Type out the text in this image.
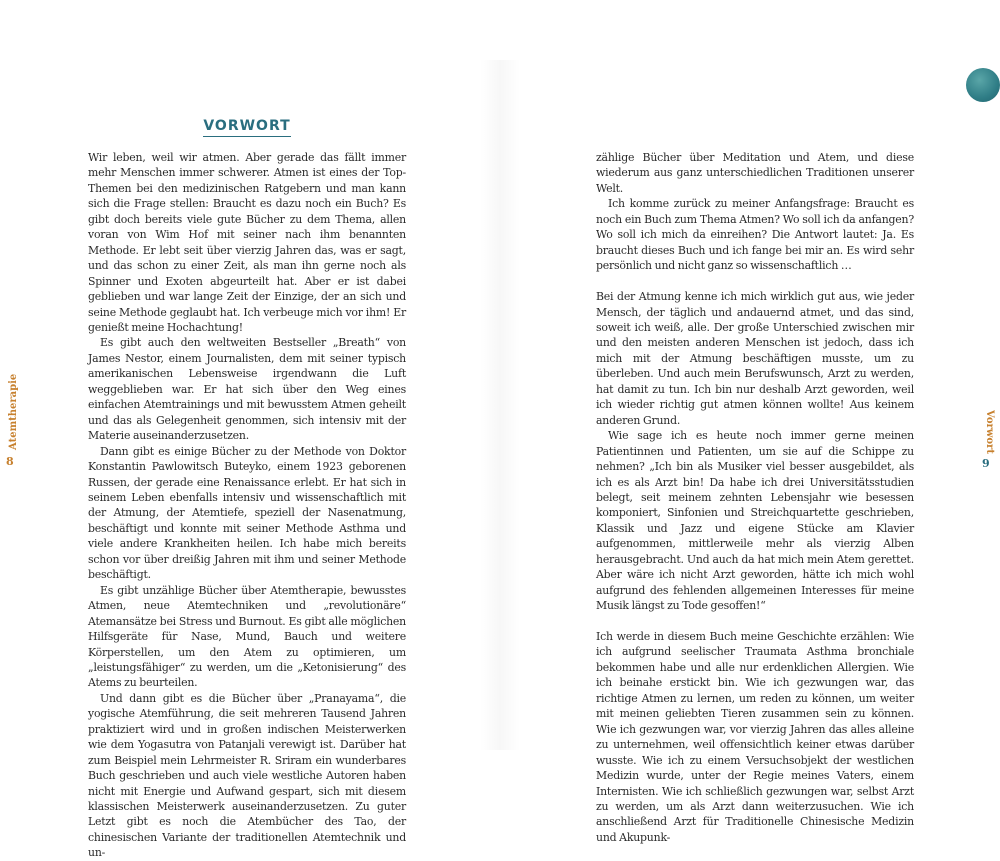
VORWORT

Wir leben, weil wir atmen. Aber gerade das fällt immer mehr Menschen immer schwerer. Atmen ist eines der Top-Themen bei den medizinischen Ratgebern und man kann sich die Frage stellen: Braucht es dazu noch ein Buch? Es gibt doch bereits viele gute Bücher zu dem Thema, allen voran von Wim Hof mit seiner nach ihm benannten Methode. Er lebt seit über vierzig Jahren das, was er sagt, und das schon zu einer Zeit, als man ihn gerne noch als Spinner und Exoten abgeurteilt hat. Aber er ist dabei geblieben und war lange Zeit der Einzige, der an sich und seine Methode geglaubt hat. Ich verbeuge mich vor ihm! Er genießt meine Hochachtung!

Es gibt auch den weltweiten Bestseller „Breath“ von James Nestor, einem Journalisten, dem mit seiner typisch amerikanischen Lebensweise irgendwann die Luft weggeblieben war. Er hat sich über den Weg eines einfachen Atemtrainings und mit bewusstem Atmen geheilt und das als Gelegenheit genommen, sich intensiv mit der Materie auseinanderzusetzen.

Dann gibt es einige Bücher zu der Methode von Doktor Konstantin Pawlowitsch Buteyko, einem 1923 geborenen Russen, der gerade eine Renaissance erlebt. Er hat sich in seinem Leben ebenfalls intensiv und wissenschaftlich mit der Atmung, der Atemtiefe, speziell der Nasenatmung, beschäftigt und konnte mit seiner Methode Asthma und viele andere Krankheiten heilen. Ich habe mich bereits schon vor über dreißig Jahren mit ihm und seiner Methode beschäftigt.

Es gibt unzählige Bücher über Atemtherapie, bewusstes Atmen, neue Atemtechniken und „revolutionäre“ Atemansätze bei Stress und Burnout. Es gibt alle möglichen Hilfsgeräte für Nase, Mund, Bauch und weitere Körperstellen, um den Atem zu optimieren, um „leistungsfähiger“ zu werden, um die „Ketonisierung“ des Atems zu beurteilen.

Und dann gibt es die Bücher über „Pranayama“, die yogische Atemführung, die seit mehreren Tausend Jahren praktiziert wird und in großen indischen Meisterwerken wie dem Yogasutra von Patanjali verewigt ist. Darüber hat zum Beispiel mein Lehrmeister R. Sriram ein wunderbares Buch geschrieben und auch viele westliche Autoren haben nicht mit Energie und Aufwand gespart, sich mit diesem klassischen Meisterwerk auseinanderzusetzen. Zu guter Letzt gibt es noch die Atembücher des Tao, der chinesischen Variante der traditionellen Atemtechnik und un-

zählige Bücher über Meditation und Atem, und diese wiederum aus ganz unterschiedlichen Traditionen unserer Welt.

Ich komme zurück zu meiner Anfangsfrage: Braucht es noch ein Buch zum Thema Atmen? Wo soll ich da anfangen? Wo soll ich mich da einreihen? Die Antwort lautet: Ja. Es braucht dieses Buch und ich fange bei mir an. Es wird sehr persönlich und nicht ganz so wissenschaftlich …

Bei der Atmung kenne ich mich wirklich gut aus, wie jeder Mensch, der täglich und andauernd atmet, und das sind, soweit ich weiß, alle. Der große Unterschied zwischen mir und den meisten anderen Menschen ist jedoch, dass ich mich mit der Atmung beschäftigen musste, um zu überleben. Und auch mein Berufswunsch, Arzt zu werden, hat damit zu tun. Ich bin nur deshalb Arzt geworden, weil ich wieder richtig gut atmen können wollte! Aus keinem anderen Grund.

Wie sage ich es heute noch immer gerne meinen Patientinnen und Patienten, um sie auf die Schippe zu nehmen? „Ich bin als Musiker viel besser ausgebildet, als ich es als Arzt bin! Da habe ich drei Universitätsstudien belegt, seit meinem zehnten Lebensjahr wie besessen komponiert, Sinfonien und Streichquartette geschrieben, Klassik und Jazz und eigene Stücke am Klavier aufgenommen, mittlerweile mehr als vierzig Alben herausgebracht. Und auch da hat mich mein Atem gerettet. Aber wäre ich nicht Arzt geworden, hätte ich mich wohl aufgrund des fehlenden allgemeinen Interesses für meine Musik längst zu Tode gesoffen!“

Ich werde in diesem Buch meine Geschichte erzählen: Wie ich aufgrund seelischer Traumata Asthma bronchiale bekommen habe und alle nur erdenklichen Allergien. Wie ich beinahe erstickt bin. Wie ich gezwungen war, das richtige Atmen zu lernen, um reden zu können, um weiter mit meinen geliebten Tieren zusammen sein zu können. Wie ich gezwungen war, vor vierzig Jahren das alles alleine zu unternehmen, weil offensichtlich keiner etwas darüber wusste. Wie ich zu einem Versuchsobjekt der westlichen Medizin wurde, unter der Regie meines Vaters, einem Internisten. Wie ich schließlich gezwungen war, selbst Arzt zu werden, um als Arzt dann weiterzusuchen. Wie ich anschließend Arzt für Traditionelle Chinesische Medizin und Akupunk-

Atemtherapie
8
Vorwort
9
